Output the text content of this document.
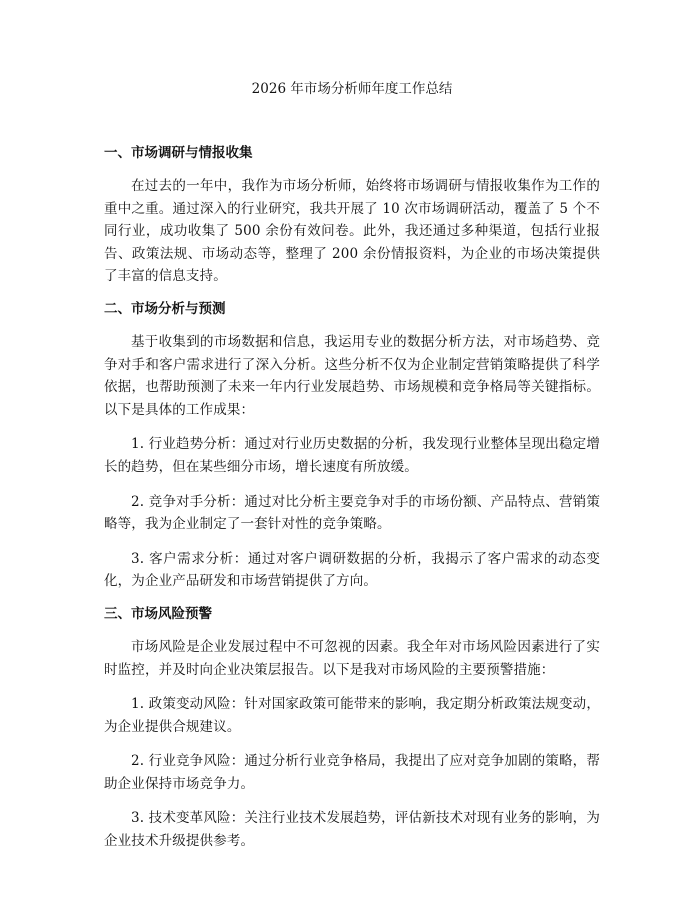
2026 年市场分析师年度工作总结
一、市场调研与情报收集

在过去的一年中，我作为市场分析师，始终将市场调研与情报收集作为工作的重中之重。通过深入的行业研究，我共开展了 10 次市场调研活动，覆盖了 5 个不同行业，成功收集了 500 余份有效问卷。此外，我还通过多种渠道，包括行业报告、政策法规、市场动态等，整理了 200 余份情报资料，为企业的市场决策提供了丰富的信息支持。

二、市场分析与预测

基于收集到的市场数据和信息，我运用专业的数据分析方法，对市场趋势、竞争对手和客户需求进行了深入分析。这些分析不仅为企业制定营销策略提供了科学依据，也帮助预测了未来一年内行业发展趋势、市场规模和竞争格局等关键指标。以下是具体的工作成果：

1. 行业趋势分析：通过对行业历史数据的分析，我发现行业整体呈现出稳定增长的趋势，但在某些细分市场，增长速度有所放缓。

2. 竞争对手分析：通过对比分析主要竞争对手的市场份额、产品特点、营销策略等，我为企业制定了一套针对性的竞争策略。

3. 客户需求分析：通过对客户调研数据的分析，我揭示了客户需求的动态变化，为企业产品研发和市场营销提供了方向。

三、市场风险预警

市场风险是企业发展过程中不可忽视的因素。我全年对市场风险因素进行了实时监控，并及时向企业决策层报告。以下是我对市场风险的主要预警措施：

1. 政策变动风险：针对国家政策可能带来的影响，我定期分析政策法规变动，为企业提供合规建议。

2. 行业竞争风险：通过分析行业竞争格局，我提出了应对竞争加剧的策略，帮助企业保持市场竞争力。

3. 技术变革风险：关注行业技术发展趋势，评估新技术对现有业务的影响，为企业技术升级提供参考。
